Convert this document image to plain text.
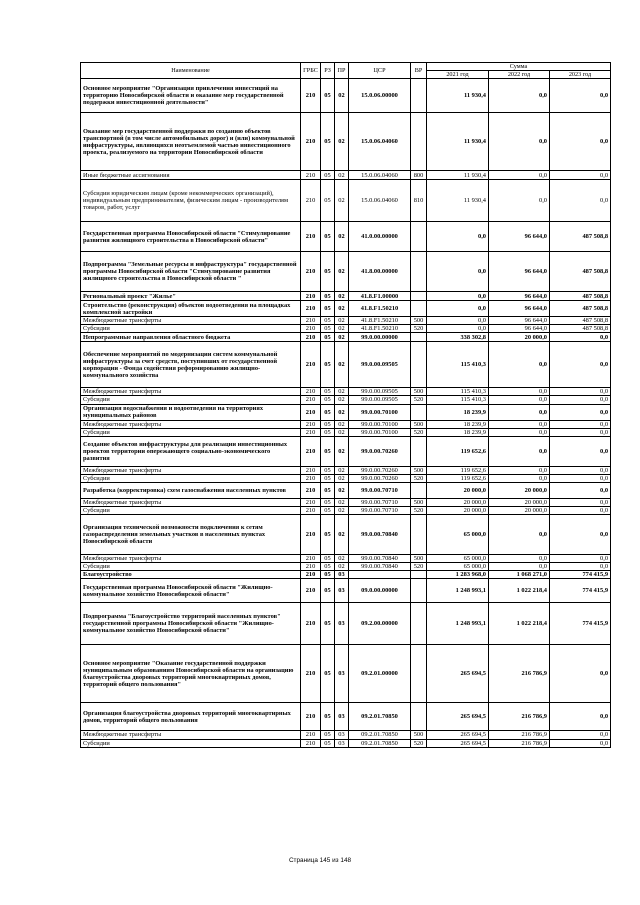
Наименование	ГРБС	РЗ	ПР	ЦСР	ВР	Сумма		
						2021 год	2022 год	2023 год
Основное мероприятие "Организация привлечения инвестиций на территорию Новосибирской области и оказание мер государственной поддержки инвестиционной деятельности"	210	05	02	15.0.06.00000		11 930,4	0,0	0,0
Оказание мер государственной поддержки по созданию объектов транспортной (в том числе автомобильных дорог) и (или) коммунальной инфраструктуры, являющихся неотъемлемой частью инвестиционного проекта, реализуемого на территории Новосибирской области	210	05	02	15.0.06.04060		11 930,4	0,0	0,0
Иные бюджетные ассигнования	210	05	02	15.0.06.04060	800	11 930,4	0,0	0,0
Субсидии юридическим лицам (кроме некоммерческих организаций), индивидуальным предпринимателям, физическим лицам - производителям товаров, работ, услуг	210	05	02	15.0.06.04060	810	11 930,4	0,0	0,0
Государственная программа Новосибирской области "Стимулирование развития жилищного строительства в Новосибирской области"	210	05	02	41.0.00.00000		0,0	96 644,0	487 508,8
Подпрограмма "Земельные ресурсы и инфраструктура" государственной программы Новосибирской области "Стимулирование развития жилищного строительства в Новосибирской области "	210	05	02	41.8.00.00000		0,0	96 644,0	487 508,8
Региональный проект "Жилье"	210	05	02	41.8.F1.00000		0,0	96 644,0	487 508,8
Строительство (реконструкция) объектов водоотведения на площадках комплексной застройки	210	05	02	41.8.F1.50210		0,0	96 644,0	487 508,8
Межбюджетные трансферты	210	05	02	41.8.F1.50210	500	0,0	96 644,0	487 508,8
Субсидии	210	05	02	41.8.F1.50210	520	0,0	96 644,0	487 508,8
Непрограммные направления областного бюджета	210	05	02	99.0.00.00000		338 302,8	20 000,0	0,0
Обеспечение мероприятий по модернизации систем коммунальной инфраструктуры за счет средств, поступивших от государственной корпорации - Фонда содействия реформированию жилищно-коммунального хозяйства	210	05	02	99.0.00.09505		115 410,3	0,0	0,0
Межбюджетные трансферты	210	05	02	99.0.00.09505	500	115 410,3	0,0	0,0
Субсидии	210	05	02	99.0.00.09505	520	115 410,3	0,0	0,0
Организация водоснабжения и водоотведения на территориях муниципальных районов	210	05	02	99.0.00.70100		18 239,9	0,0	0,0
Межбюджетные трансферты	210	05	02	99.0.00.70100	500	18 239,9	0,0	0,0
Субсидии	210	05	02	99.0.00.70100	520	18 239,9	0,0	0,0
Создание объектов инфраструктуры для реализации инвестиционных проектов территории опережающего социально-экономического развития	210	05	02	99.0.00.70260		119 652,6	0,0	0,0
Межбюджетные трансферты	210	05	02	99.0.00.70260	500	119 652,6	0,0	0,0
Субсидии	210	05	02	99.0.00.70260	520	119 652,6	0,0	0,0
Разработка (корректировка) схем газоснабжения населенных пунктов	210	05	02	99.0.00.70710		20 000,0	20 000,0	0,0
Межбюджетные трансферты	210	05	02	99.0.00.70710	500	20 000,0	20 000,0	0,0
Субсидии	210	05	02	99.0.00.70710	520	20 000,0	20 000,0	0,0
Организация технической возможности подключения к сетям газораспределения земельных участков в населенных пунктах Новосибирской области	210	05	02	99.0.00.70840		65 000,0	0,0	0,0
Межбюджетные трансферты	210	05	02	99.0.00.70840	500	65 000,0	0,0	0,0
Субсидии	210	05	02	99.0.00.70840	520	65 000,0	0,0	0,0
Благоустройство	210	05	03			1 283 968,0	1 068 271,0	774 415,9
Государственная программа Новосибирской области "Жилищно-коммунальное хозяйство Новосибирской области"	210	05	03	09.0.00.00000		1 248 993,1	1 022 218,4	774 415,9
Подпрограмма "Благоустройство территорий населенных пунктов" государственной программы Новосибирской области "Жилищно-коммунальное хозяйство Новосибирской области"	210	05	03	09.2.00.00000		1 248 993,1	1 022 218,4	774 415,9
Основное мероприятие "Оказание государственной поддержки муниципальным образованиям Новосибирской области на организацию благоустройства дворовых территорий многоквартирных домов, территорий общего пользования"	210	05	03	09.2.01.00000		265 694,5	216 786,9	0,0
Организация благоустройства дворовых территорий многоквартирных домов, территорий общего пользования	210	05	03	09.2.01.70850		265 694,5	216 786,9	0,0
Межбюджетные трансферты	210	05	03	09.2.01.70850	500	265 694,5	216 786,9	0,0
Субсидии	210	05	03	09.2.01.70850	520	265 694,5	216 786,9	0,0
Страница 145 из 148
